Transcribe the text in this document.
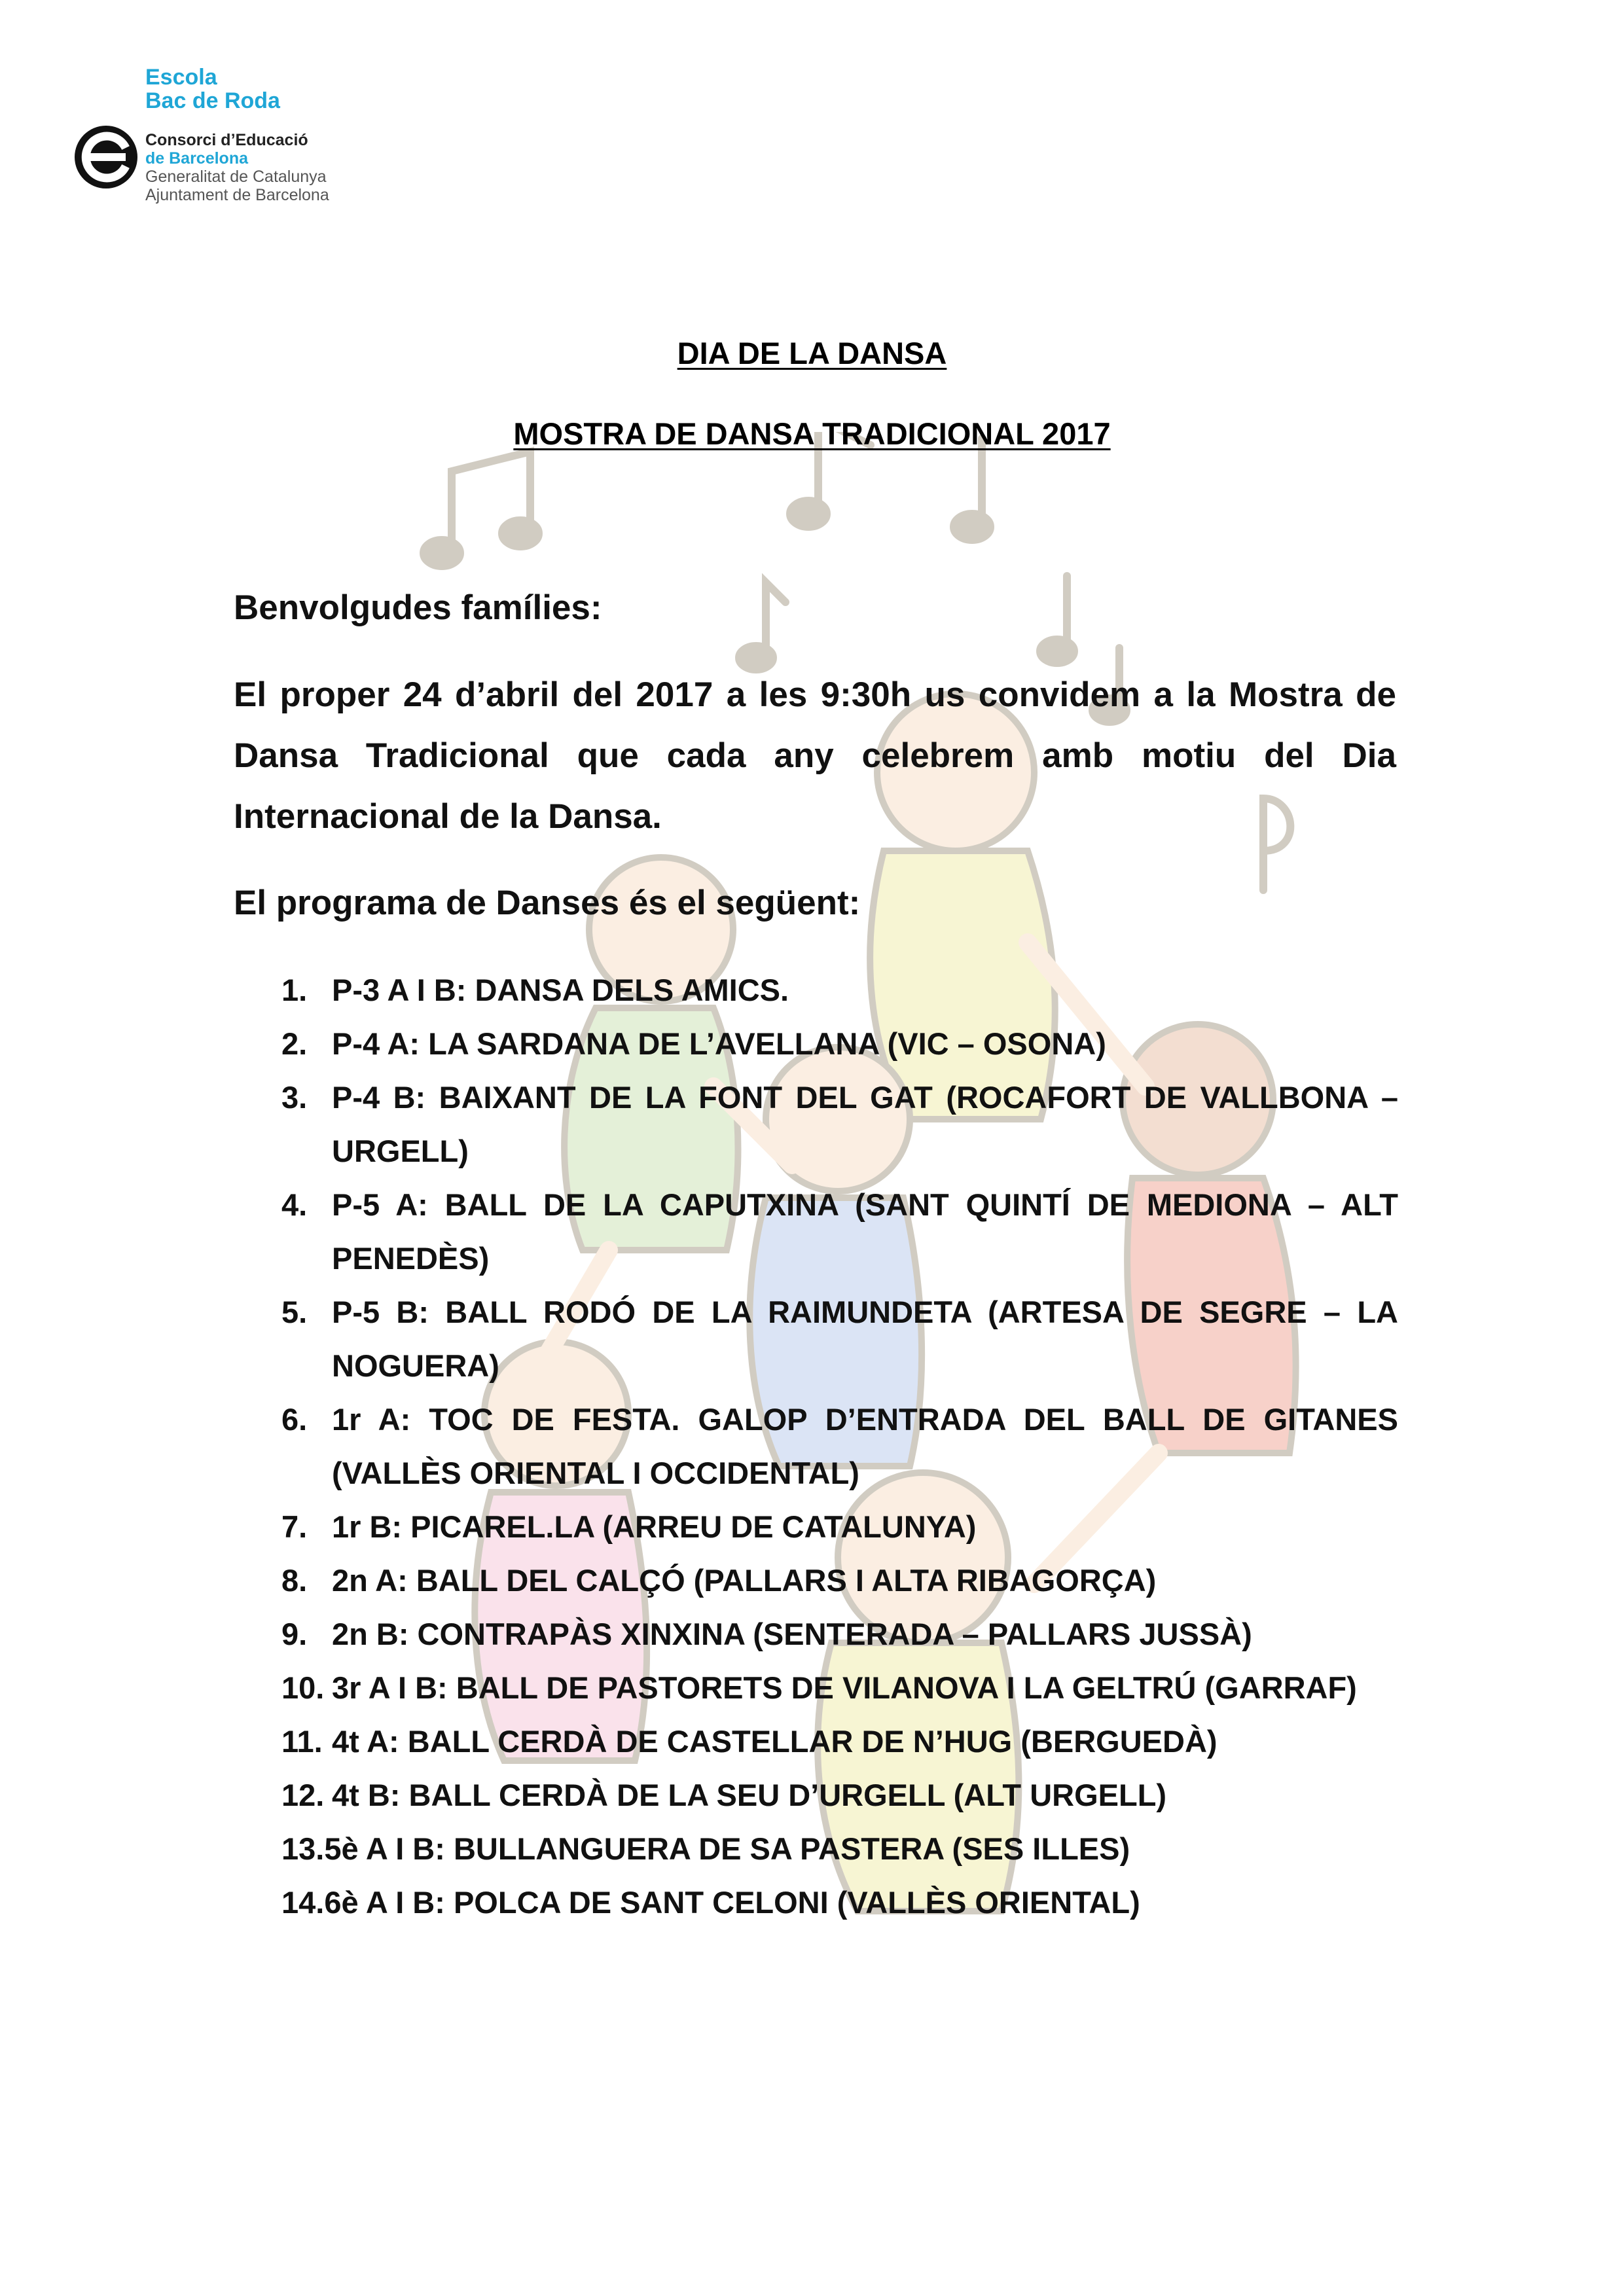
Escola
Bac de Roda
Consorci d’Educació
de Barcelona
Generalitat de Catalunya
Ajuntament de Barcelona
DIA DE LA DANSA
MOSTRA DE DANSA TRADICIONAL 2017
Benvolgudes famílies:
El proper 24 d’abril del 2017 a les 9:30h us convidem a la Mostra de Dansa Tradicional que cada any celebrem amb motiu del Dia Internacional de la Dansa.
El programa de Danses és el següent:
1. P-3 A I B: DANSA DELS AMICS.
2. P-4 A: LA SARDANA DE L’AVELLANA (VIC – OSONA)
3. P-4 B: BAIXANT DE LA FONT DEL GAT (ROCAFORT DE VALLBONA – URGELL)
4. P-5 A: BALL DE LA CAPUTXINA (SANT QUINTÍ DE MEDIONA – ALT PENEDÈS)
5. P-5 B: BALL RODÓ DE LA RAIMUNDETA (ARTESA DE SEGRE – LA NOGUERA)
6. 1r A: TOC DE FESTA. GALOP D’ENTRADA DEL BALL DE GITANES (VALLÈS ORIENTAL I OCCIDENTAL)
7. 1r B: PICAREL.LA (ARREU DE CATALUNYA)
8. 2n A: BALL DEL CALÇÓ (PALLARS I ALTA RIBAGORÇA)
9. 2n B: CONTRAPÀS XINXINA (SENTERADA – PALLARS JUSSÀ)
10. 3r A I B: BALL DE PASTORETS DE VILANOVA I LA GELTRÚ (GARRAF)
11. 4t A: BALL CERDÀ DE CASTELLAR DE N’HUG (BERGUEDÀ)
12. 4t B: BALL CERDÀ DE LA SEU D’URGELL (ALT URGELL)
13. 5è A I B: BULLANGUERA DE SA PASTERA (SES ILLES)
14. 6è A I B: POLCA DE SANT CELONI (VALLÈS ORIENTAL)
